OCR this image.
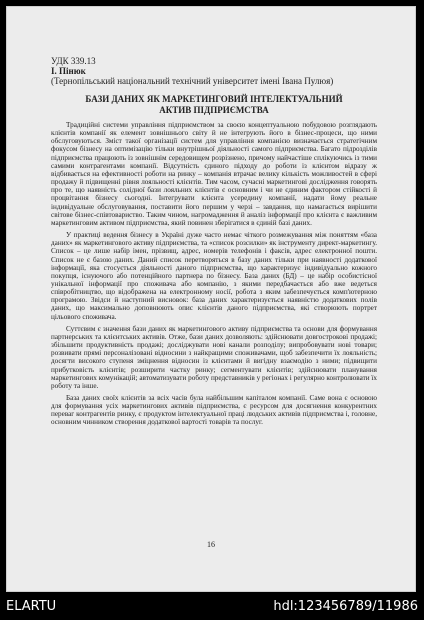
УДК 339.13

І. Пінюк

(Тернопільський національний технічний університет імені Івана Пулюя)

БАЗИ ДАНИХ ЯК МАРКЕТИНГОВИЙ ІНТЕЛЕКТУАЛЬНИЙ
АКТИВ ПІДПРИЄМСТВА

Традиційні системи управління підприємством за своєю концептуальною побудовою розглядають клієнтів компанії як елемент зовнішнього світу й не інтегрують його в бізнес-процеси, що ними обслуговуються. Зміст такої організації систем для управління компанією визначається стратегічним фокусом бізнесу на оптимізацію тільки внутрішньої діяльності самого підприємства. Багато підрозділів підприємства працюють із зовнішнім середовищем розрізнено, причому найчастіше сплікуючись із тими самими контрагентами компанії. Відсутність єдиного підходу до роботи із клієнтом відразу ж відбивається на ефективності роботи на ринку – компанія втрачає велику кількість можливостей в сфері продажу й підвищенні рівня лояльності клієнтів. Тим часом, сучасні маркетингові дослідження говорять про те, що наявність солідної бази лояльних клієнтів є основним і чи не єдиним фактором стійкості й процвітання бізнесу сьогодні. Інтегрувати клієнта усередину компанії, надати йому реальне індивідуальне обслуговування, поставити його першим у черзі – завдання, що намагається вирішити світове бізнес-співтовариство. Таким чином, нагромадження й аналіз інформації про клієнта є важливим маркетинговим активом підприємства, який повинен зберігатися в єдиній базі даних.

У практиці ведення бізнесу в Україні дуже часто немає чіткого розмежування між поняттям «база даних» як маркетингового активу підприємства, та «список розсилки» як інструменту директ-маркетингу. Список – це лише набір імен, прізвищ, адрес, номерів телефонів і факсів, адрес електронної пошти. Список не є базою даних. Даний список перетворяться в базу даних тільки при наявності додаткової інформації, яка стосується діяльності даного підприємства, що характеризує індивідуально кожного покупця, існуючого або потенційного партнера по бізнесу. База даних (БД) – це набір особистісної унікальної інформації про споживача або компанію, з якими передбачається або вже ведеться співробітництво, що відображена на електронному носії, робота з яким забезпечується комп'ютерною програмою. Звідси й наступний висновок: база даних характеризується наявністю додаткових полів даних, що максимально доповнюють опис клієнтів даного підприємства, які створюють портрет цільового споживача.

Суттєвим є значення бази даних як маркетингового активу підприємства та основи для формування партнерських та клієнтських активів. Отже, бази даних дозволяють: здійснювати довгострокові продажі; збільшити продуктивність продажі; досліджувати нові канали розподілу; випробовувати нові товари; розвивати прямі персоналізовані відносини з найкращими споживачами, щоб забезпечити їх лояльність; досягти високого ступеня зміцнення відносин із клієнтами й вигідну взаємодію з ними; підвищити прибутковість клієнтів; розширити частку ринку; сегментувати клієнтів; здійснювати планування маркетингових комунікацій; автоматизувати роботу представників у регіонах і регулярно контролювати їх роботу та інше.

База даних своїх клієнтів за всіх часів була найбільшим капіталом компанії. Саме вона є основою для формування усіх маркетингових активів підприємства, є ресурсом для досягнення конкурентних переваг контрагентів ринку, є продуктом інтелектуальної праці людських активів підприємства і, головне, основним чинником створення додаткової вартості товарів та послуг.

16
ELARTU	hdl:123456789/11986
